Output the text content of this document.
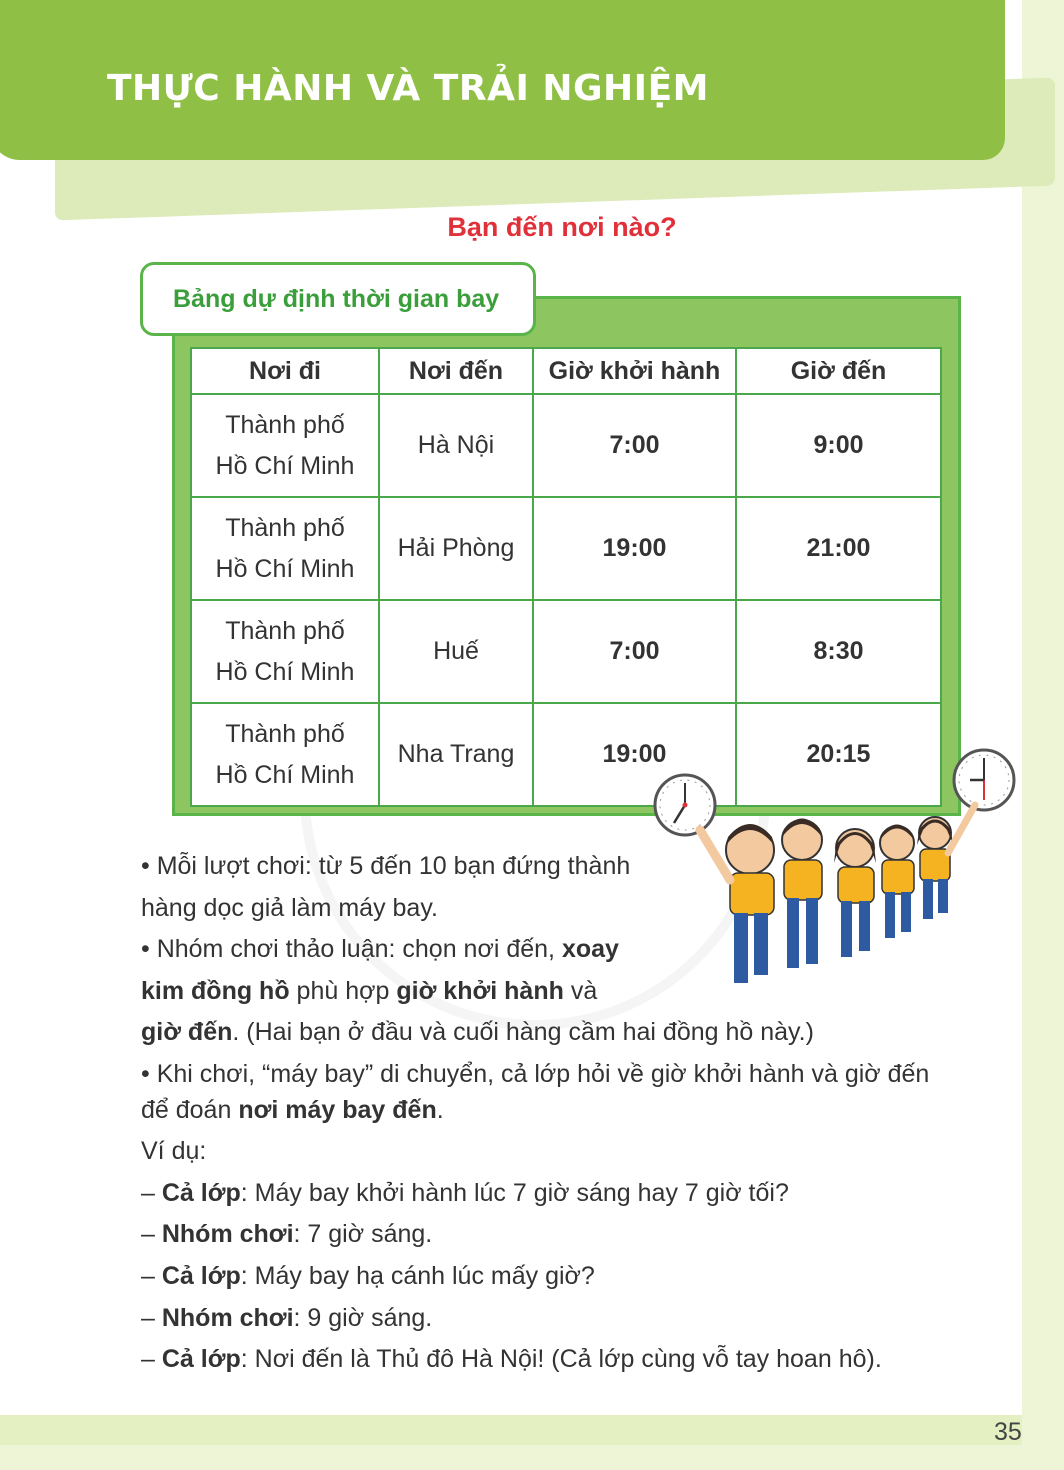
THỰC HÀNH VÀ TRẢI NGHIỆM
Bạn đến nơi nào?
Bảng dự định thời gian bay
Nơi đi	Nơi đến	Giờ khởi hành	Giờ đến
Thành phố
Hồ Chí Minh	Hà Nội	7:00	9:00
Thành phố
Hồ Chí Minh	Hải Phòng	19:00	21:00
Thành phố
Hồ Chí Minh	Huế	7:00	8:30
Thành phố
Hồ Chí Minh	Nha Trang	19:00	20:15

• Mỗi lượt chơi: từ 5 đến 10 bạn đứng thành

hàng dọc giả làm máy bay.

• Nhóm chơi thảo luận: chọn nơi đến, xoay

kim đồng hồ phù hợp giờ khởi hành và

giờ đến. (Hai bạn ở đầu và cuối hàng cầm hai đồng hồ này.)

• Khi chơi, “máy bay” di chuyển, cả lớp hỏi về giờ khởi hành và giờ đến

để đoán nơi máy bay đến.

Ví dụ:

– Cả lớp: Máy bay khởi hành lúc 7 giờ sáng hay 7 giờ tối?

– Nhóm chơi: 7 giờ sáng.

– Cả lớp: Máy bay hạ cánh lúc mấy giờ?

– Nhóm chơi: 9 giờ sáng.

– Cả lớp: Nơi đến là Thủ đô Hà Nội! (Cả lớp cùng vỗ tay hoan hô).

35
